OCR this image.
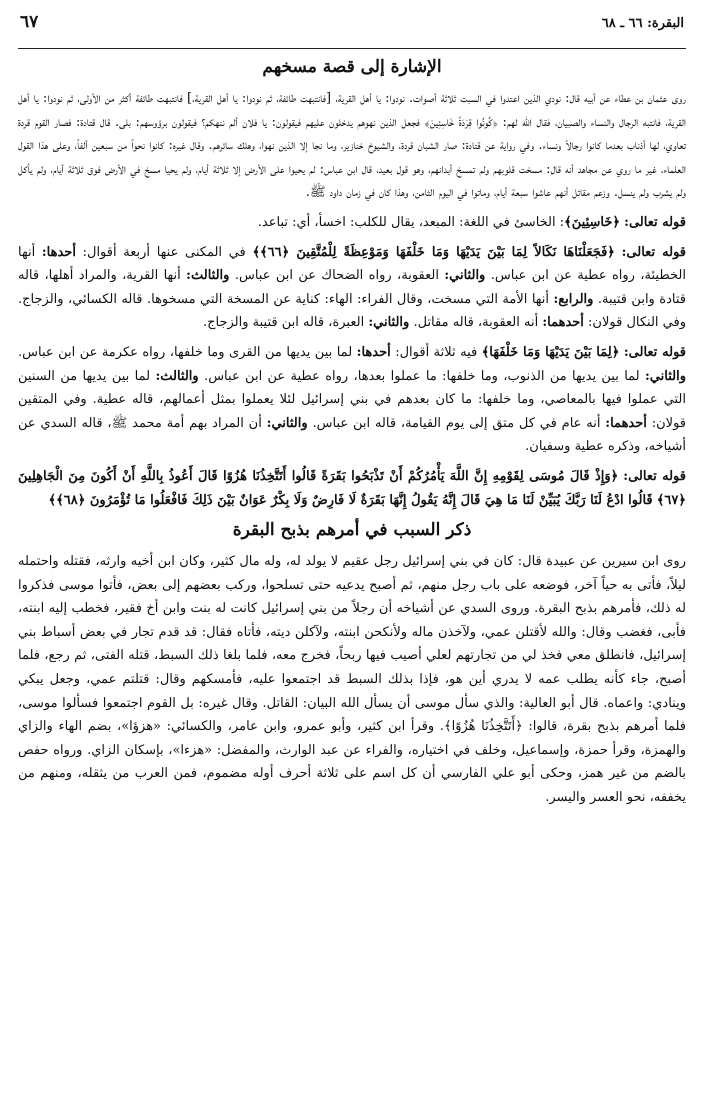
البقرة: ٦٦ ـ ٦٨
٦٧
الإشارة إلى قصة مسخهم

روى عثمان بن عطاء عن أبيه قال: نودي الذين اعتدوا في السبت ثلاثة أصوات. نودوا: يا أهل القرية، [فانتبهت طائفة، ثم نودوا: يا أهل القرية،] فانتبهت طائفة أكثر من الأولى، ثم نودوا: يا أهل القرية، فانتبه الرجال والنساء والصبيان، فقال الله لهم: ﴿كُونُوا قِرَدَةً خَاسِئِينَ﴾ فجعل الذين نهوهم يدخلون عليهم فيقولون: يا فلان ألم ننهكم؟ فيقولون برؤوسهم: بلى. قال قتادة: فصار القوم قردة تعاوي، لها أذناب بعدما كانوا رجالاً ونساء. وفي رواية عن قتادة: صار الشبان قردة، والشيوخ خنازير، وما نجا إلا الذين نهوا، وهلك سائرهم. وقال غيره: كانوا نحواً من سبعين ألفاً، وعلى هذا القول العلماء، غير ما روي عن مجاهد أنه قال: مسخت قلوبهم ولم تمسخ أبدانهم، وهو قول بعيد، قال ابن عباس: لم يحيوا على الأرض إلا ثلاثة أيام، ولم يحيا مسخ في الأرض فوق ثلاثة أيام، ولم يأكل ولم يشرب ولم ينسل. وزعم مقاتل أنهم عاشوا سبعة أيام، وماتوا في اليوم الثامن، وهذا كان في زمان داود ﷺ.

قوله تعالى: ﴿خَاسِئِينَ﴾: الخاسئ في اللغة: المبعد، يقال للكلب: اخسأ، أي: تباعد.

قوله تعالى: ﴿فَجَعَلْنَاهَا نَكَالاً لِمَا بَيْنَ يَدَيْهَا وَمَا خَلْفَهَا وَمَوْعِظَةً لِلْمُتَّقِينَ ﴿٦٦﴾﴾ في المكنى عنها أربعة أقوال: أحدها: أنها الخطيئة، رواه عطية عن ابن عباس. والثاني: العقوبة، رواه الضحاك عن ابن عباس. والثالث: أنها القرية، والمراد أهلها، قاله قتادة وابن قتيبة. والرابع: أنها الأمة التي مسخت، وقال الفراء: الهاء: كناية عن المسخة التي مسخوها. قاله الكسائي، والزجاج. وفي النكال قولان: أحدهما: أنه العقوبة، قاله مقاتل. والثاني: العبرة، قاله ابن قتيبة والزجاج.

قوله تعالى: ﴿لِمَا بَيْنَ يَدَيْهَا وَمَا خَلْفَهَا﴾ فيه ثلاثة أقوال: أحدها: لما بين يديها من القرى وما خلفها، رواه عكرمة عن ابن عباس. والثاني: لما بين يديها من الذنوب، وما خلفها: ما عملوا بعدها، رواه عطية عن ابن عباس. والثالث: لما بين يديها من السنين التي عملوا فيها بالمعاصي، وما خلفها: ما كان بعدهم في بني إسرائيل لئلا يعملوا بمثل أعمالهم، قاله عطية. وفي المتقين قولان: أحدهما: أنه عام في كل متق إلى يوم القيامة، قاله ابن عباس. والثاني: أن المراد بهم أمة محمد ﷺ، قاله السدي عن أشياخه، وذكره عطية وسفيان.

قوله تعالى: ﴿وَإِذْ قَالَ مُوسَى لِقَوْمِهِ إِنَّ اللَّهَ يَأْمُرُكُمْ أَنْ تَذْبَحُوا بَقَرَةً قَالُوا أَتَتَّخِذُنَا هُزُوًا قَالَ أَعُوذُ بِاللَّهِ أَنْ أَكُونَ مِنَ الْجَاهِلِينَ ﴿٦٧﴾ قَالُوا ادْعُ لَنَا رَبَّكَ يُبَيِّنْ لَنَا مَا هِيَ قَالَ إِنَّهُ يَقُولُ إِنَّهَا بَقَرَةٌ لَا فَارِضٌ وَلَا بِكْرٌ عَوَانٌ بَيْنَ ذَلِكَ فَافْعَلُوا مَا تُؤْمَرُونَ ﴿٦٨﴾﴾

ذكر السبب في أمرهم بذبح البقرة

روى ابن سيرين عن عبيدة قال: كان في بني إسرائيل رجل عقيم لا يولد له، وله مال كثير، وكان ابن أخيه وارثه، فقتله واحتمله ليلاً، فأتى به حياً آخر، فوضعه على باب رجل منهم، ثم أصبح يدعيه حتى تسلحوا، وركب بعضهم إلى بعض، فأتوا موسى فذكروا له ذلك، فأمرهم بذبح البقرة. وروى السدي عن أشياخه أن رجلاً من بني إسرائيل كانت له بنت وابن أخ فقير، فخطب إليه ابنته، فأبى، فغضب وقال: والله لأقتلن عمي، ولآخذن ماله ولأنكحن ابنته، ولآكلن ديته، فأتاه فقال: قد قدم تجار في بعض أسباط بني إسرائيل، فانطلق معي فخذ لي من تجارتهم لعلي أصيب فيها ربحاً، فخرج معه، فلما بلغا ذلك السبط، قتله الفتى، ثم رجع، فلما أصبح، جاء كأنه يطلب عمه لا يدري أين هو، فإذا بذلك السبط قد اجتمعوا عليه، فأمسكهم وقال: قتلتم عمي، وجعل يبكي وينادي: واعماه. قال أبو العالية: والذي سأل موسى أن يسأل الله البيان: القاتل. وقال غيره: بل القوم اجتمعوا فسألوا موسى، فلما أمرهم بذبح بقرة، قالوا: ﴿أَتَتَّخِذُنَا هُزُوًا﴾. وقرأ ابن كثير، وأبو عمرو، وابن عامر، والكسائي: «هزؤا»، بضم الهاء والزاي والهمزة، وقرأ حمزة، وإسماعيل، وخلف في اختياره، والفراء عن عبد الوارث، والمفضل: «هزءا»، بإسكان الزاي. ورواه حفص بالضم من غير همز، وحكى أبو علي الفارسي أن كل اسم على ثلاثة أحرف أوله مضموم، فمن العرب من يثقله، ومنهم من يخففه، نحو العسر واليسر.
